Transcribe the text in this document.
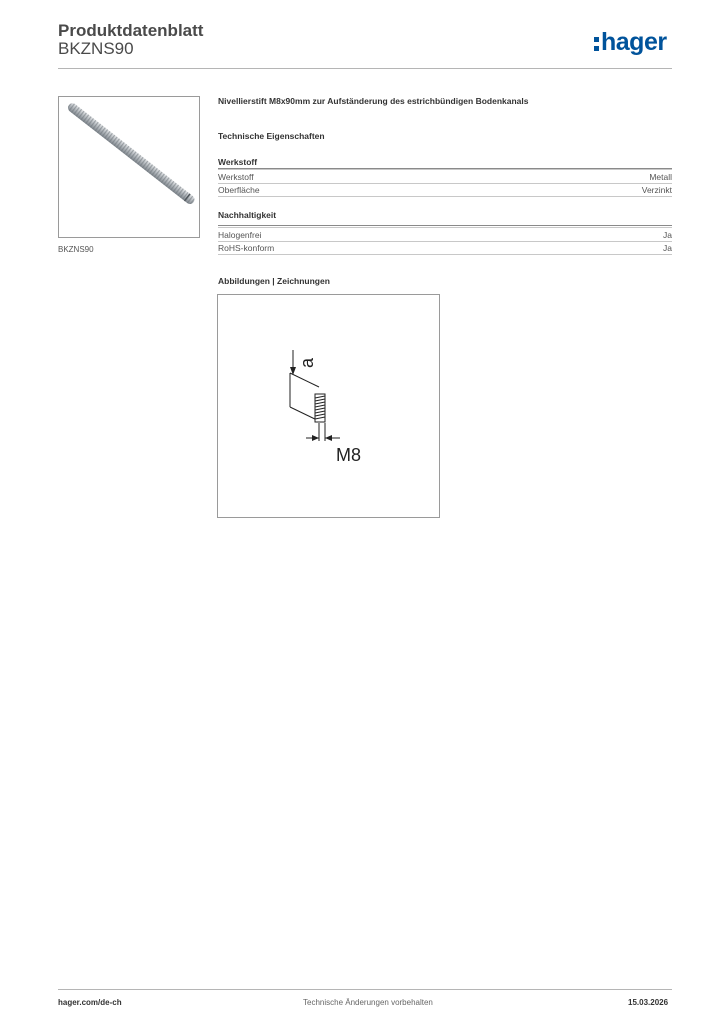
Produktdatenblatt
BKZNS90	hager
BKZNS90
Nivellierstift M8x90mm zur Aufständerung des estrichbündigen Bodenkanals
Technische Eigenschaften
Werkstoff
Werkstoff	Metall
Oberfläche	Verzinkt
Nachhaltigkeit
Halogenfrei	Ja
RoHS-konform	Ja
Abbildungen | Zeichnungen
a
M8
hager.com/de-ch	Technische Änderungen vorbehalten	15.03.2026
